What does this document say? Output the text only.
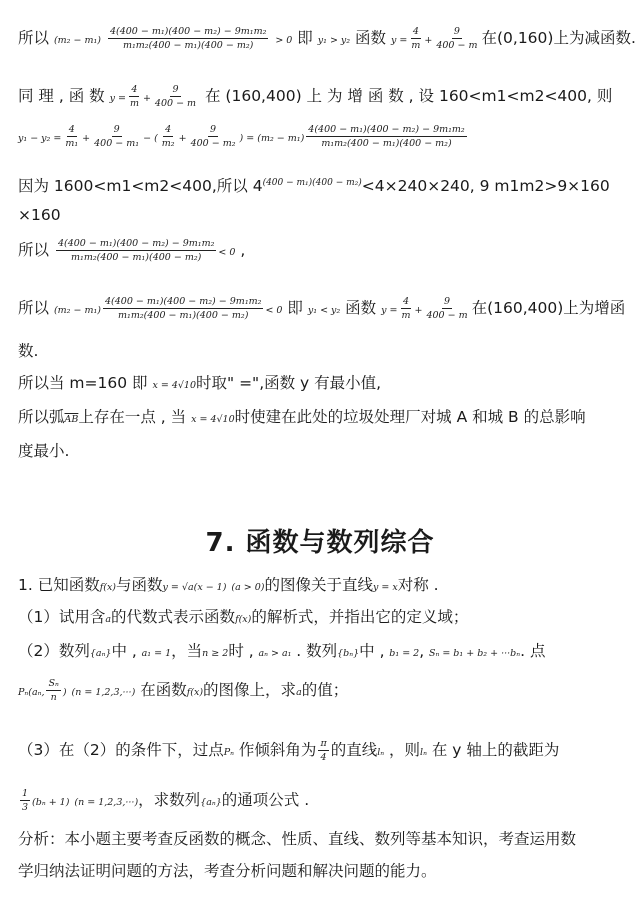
所以 $(m_2 - m_1) \frac{\text{4(400 − m₁)(400 − m₂) − 9m₁m₂}}{\text{m₁m₂(400 − m₁)(400 − m₂)}} > 0$ 即 y₁ > y₂ 函数 $y = \frac{4}{m} + \frac{9}{400 - m}$ 在(0,160)上为减函数.
同 理 , 函 数 $y = \frac{4}{m} + \frac{9}{400 - m}$ 在 (160,400) 上 为 增 函 数 , 设 160<m1<m2<400, 则
$y_1 - y_2 = \frac{4}{\text{m₁}} + \frac{9}{\text{400 − m₁}}$ − ( $\frac{4}{\text{m₂}} + \frac{9}{\text{400 − m₂}}$ ) = $(m_2 - m_1) \frac{\text{4(400 − m₁)(400 − m₂) − 9m₁m₂}}{\text{m₁m₂(400 − m₁)(400 − m₂)}}$
因为 1600<m1<m2<400,所以 $4^{(400 - m_1)(400 - m_2)}<4\times 240\times 240$, 9 m1m2>9×160
×160
所以 $\frac{\text{4(400 − m₁)(400 − m₂) − 9m₁m₂}}{\text{m₁m₂(400 − m₁)(400 − m₂)}} < 0$ ,
所以 $(m_2 - m_1) \frac{\text{4(400 − m₁)(400 − m₂) − 9m₁m₂}}{\text{m₁m₂(400 − m₁)(400 − m₂)}} < 0$ 即 y₁ < y₂ 函数 $y = \frac{4}{m} + \frac{9}{400 - m}$ 在(160,400)上为增函
数.
所以当 m=160 即 x = 4√10时取" =",函数 y 有最小值,
所以弧$\overline{AB}$上存在一点 , 当 x = 4√10时使建在此处的垃圾处理厂对城 A 和城 B 的总影响
度最小.
7. 函数与数列综合
1. 已知函数f(x)与函数y = √a(x − 1) (a > 0)的图像关于直线y = x对称 .
（1）试用含a的代数式表示函数f(x)的解析式，并指出它的定义域；
（2）数列{aₙ}中 , a₁ = 1，当n ≥ 2时 , aₙ > a₁ . 数列{bₙ}中 , b₁ = 2, Sₙ = b₁ + b₂ + ···bₙ. 点
Pₙ(aₙ, $\frac{\text{Sₙ}}{n}$ ) (n = 1,2,3,···) 在函数f(x)的图像上，求a的值；
（3）在（2）的条件下，过点Pₙ 作倾斜角为 $\frac{\pi}{4}$ 的直线lₙ ，则lₙ 在 y 轴上的截距为
$\frac{1}{3} (b_n + 1) (n = 1,2,3,\cdot\cdot\cdot)$，求数列{aₙ}的通项公式 .
分析：本小题主要考查反函数的概念、性质、直线、数列等基本知识，考查运用数
学归纳法证明问题的方法，考查分析问题和解决问题的能力。
